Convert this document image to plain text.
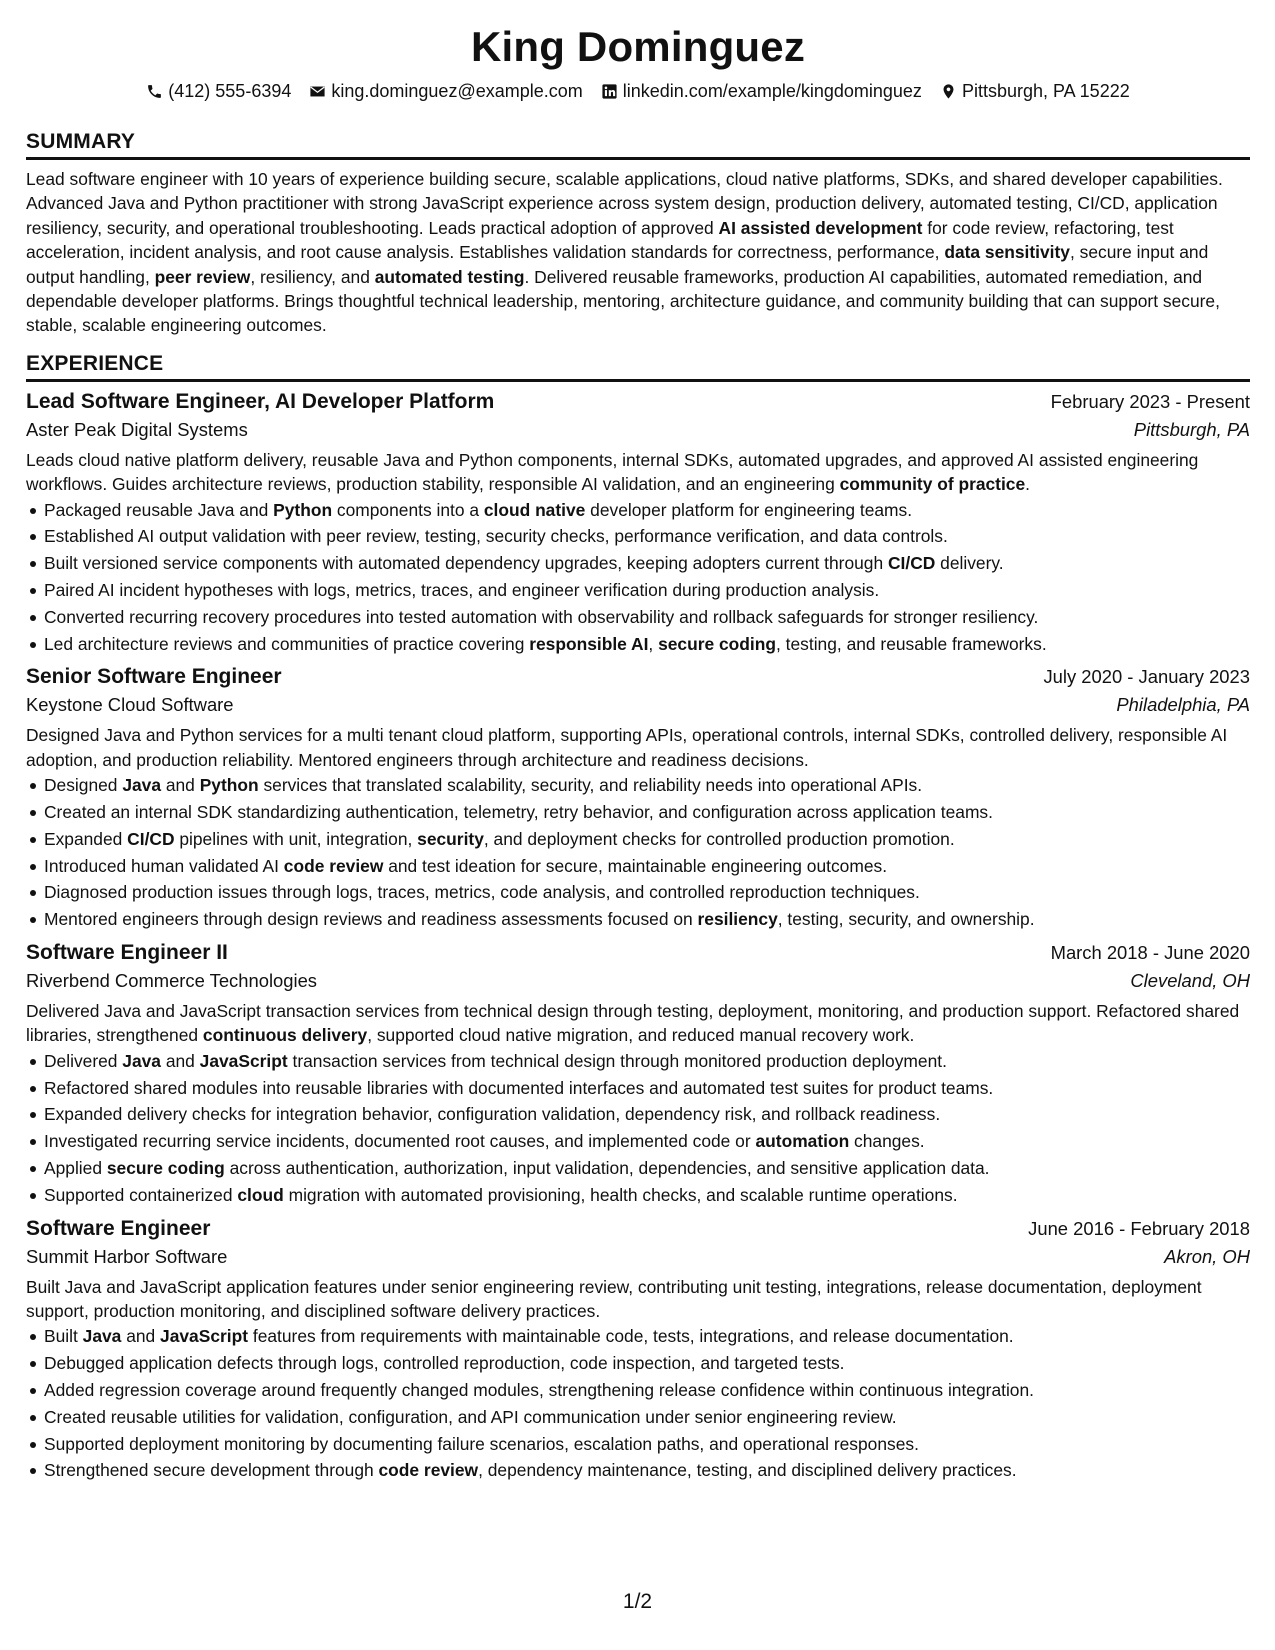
King Dominguez
(412) 555-6394 king.dominguez@example.com linkedin.com/example/kingdominguez Pittsburgh, PA 15222
SUMMARY
Lead software engineer with 10 years of experience building secure, scalable applications, cloud native platforms, SDKs, and shared developer capabilities. Advanced Java and Python practitioner with strong JavaScript experience across system design, production delivery, automated testing, CI/CD, application resiliency, security, and operational troubleshooting. Leads practical adoption of approved AI assisted development for code review, refactoring, test acceleration, incident analysis, and root cause analysis. Establishes validation standards for correctness, performance, data sensitivity, secure input and output handling, peer review, resiliency, and automated testing. Delivered reusable frameworks, production AI capabilities, automated remediation, and dependable developer platforms. Brings thoughtful technical leadership, mentoring, architecture guidance, and community building that can support secure, stable, scalable engineering outcomes.
EXPERIENCE
Lead Software Engineer, AI Developer Platform	February 2023 - Present
Aster Peak Digital Systems	Pittsburgh, PA
Leads cloud native platform delivery, reusable Java and Python components, internal SDKs, automated upgrades, and approved AI assisted engineering workflows. Guides architecture reviews, production stability, responsible AI validation, and an engineering community of practice.
Packaged reusable Java and Python components into a cloud native developer platform for engineering teams.
Established AI output validation with peer review, testing, security checks, performance verification, and data controls.
Built versioned service components with automated dependency upgrades, keeping adopters current through CI/CD delivery.
Paired AI incident hypotheses with logs, metrics, traces, and engineer verification during production analysis.
Converted recurring recovery procedures into tested automation with observability and rollback safeguards for stronger resiliency.
Led architecture reviews and communities of practice covering responsible AI, secure coding, testing, and reusable frameworks.
Senior Software Engineer	July 2020 - January 2023
Keystone Cloud Software	Philadelphia, PA
Designed Java and Python services for a multi tenant cloud platform, supporting APIs, operational controls, internal SDKs, controlled delivery, responsible AI adoption, and production reliability. Mentored engineers through architecture and readiness decisions.
Designed Java and Python services that translated scalability, security, and reliability needs into operational APIs.
Created an internal SDK standardizing authentication, telemetry, retry behavior, and configuration across application teams.
Expanded CI/CD pipelines with unit, integration, security, and deployment checks for controlled production promotion.
Introduced human validated AI code review and test ideation for secure, maintainable engineering outcomes.
Diagnosed production issues through logs, traces, metrics, code analysis, and controlled reproduction techniques.
Mentored engineers through design reviews and readiness assessments focused on resiliency, testing, security, and ownership.
Software Engineer II	March 2018 - June 2020
Riverbend Commerce Technologies	Cleveland, OH
Delivered Java and JavaScript transaction services from technical design through testing, deployment, monitoring, and production support. Refactored shared libraries, strengthened continuous delivery, supported cloud native migration, and reduced manual recovery work.
Delivered Java and JavaScript transaction services from technical design through monitored production deployment.
Refactored shared modules into reusable libraries with documented interfaces and automated test suites for product teams.
Expanded delivery checks for integration behavior, configuration validation, dependency risk, and rollback readiness.
Investigated recurring service incidents, documented root causes, and implemented code or automation changes.
Applied secure coding across authentication, authorization, input validation, dependencies, and sensitive application data.
Supported containerized cloud migration with automated provisioning, health checks, and scalable runtime operations.
Software Engineer	June 2016 - February 2018
Summit Harbor Software	Akron, OH
Built Java and JavaScript application features under senior engineering review, contributing unit testing, integrations, release documentation, deployment support, production monitoring, and disciplined software delivery practices.
Built Java and JavaScript features from requirements with maintainable code, tests, integrations, and release documentation.
Debugged application defects through logs, controlled reproduction, code inspection, and targeted tests.
Added regression coverage around frequently changed modules, strengthening release confidence within continuous integration.
Created reusable utilities for validation, configuration, and API communication under senior engineering review.
Supported deployment monitoring by documenting failure scenarios, escalation paths, and operational responses.
Strengthened secure development through code review, dependency maintenance, testing, and disciplined delivery practices.
1/2
